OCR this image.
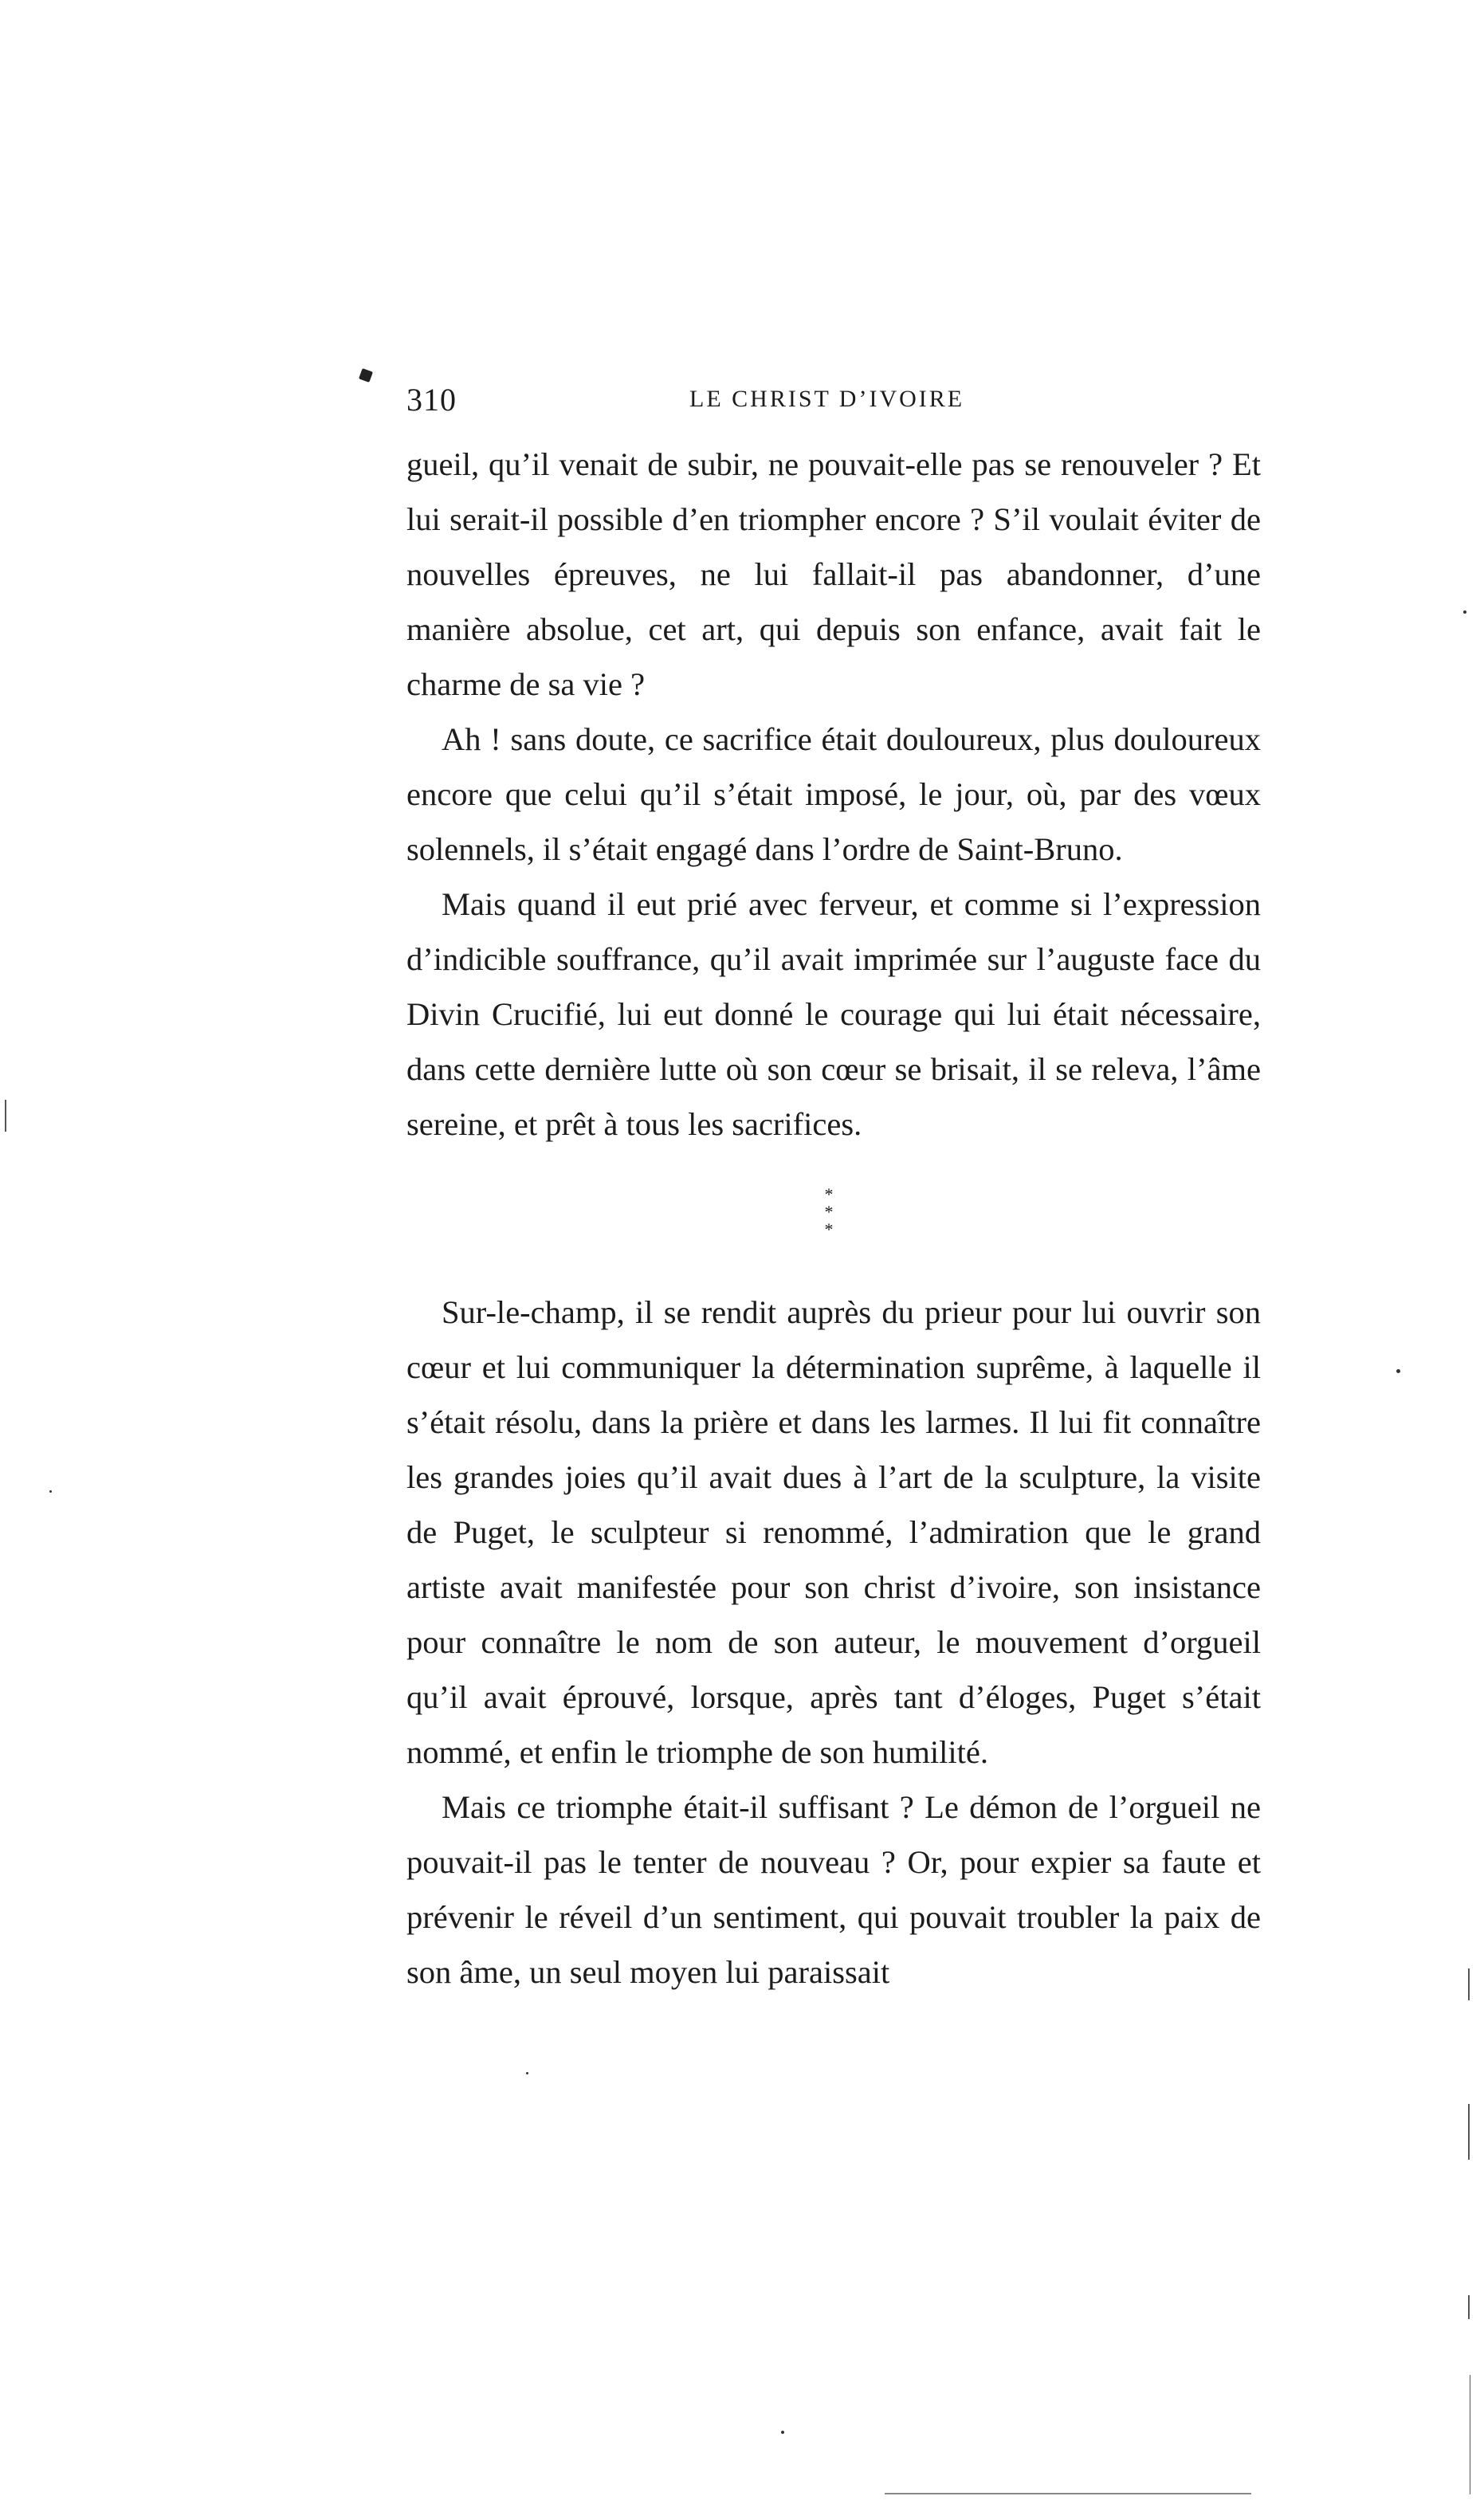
310	LE CHRIST D’IVOIRE

gueil, qu’il venait de subir, ne pouvait-elle pas se renouveler ? Et lui serait-il possible d’en triompher encore ? S’il voulait éviter de nouvelles épreuves, ne lui fallait-il pas abandonner, d’une manière absolue, cet art, qui depuis son enfance, avait fait le charme de sa vie ?

Ah ! sans doute, ce sacrifice était douloureux, plus douloureux encore que celui qu’il s’était imposé, le jour, où, par des vœux solennels, il s’était engagé dans l’ordre de Saint-Bruno.

Mais quand il eut prié avec ferveur, et comme si l’expression d’indicible souffrance, qu’il avait imprimée sur l’auguste face du Divin Crucifié, lui eut donné le courage qui lui était nécessaire, dans cette dernière lutte où son cœur se brisait, il se releva, l’âme sereine, et prêt à tous les sacrifices.

*
* *

Sur-le-champ, il se rendit auprès du prieur pour lui ouvrir son cœur et lui communiquer la détermination suprême, à laquelle il s’était résolu, dans la prière et dans les larmes. Il lui fit connaître les grandes joies qu’il avait dues à l’art de la sculpture, la visite de Puget, le sculpteur si renommé, l’admiration que le grand artiste avait manifestée pour son christ d’ivoire, son insistance pour connaître le nom de son auteur, le mouvement d’orgueil qu’il avait éprouvé, lorsque, après tant d’éloges, Puget s’était nommé, et enfin le triomphe de son humilité.

Mais ce triomphe était-il suffisant ? Le démon de l’orgueil ne pouvait-il pas le tenter de nouveau ? Or, pour expier sa faute et prévenir le réveil d’un sentiment, qui pouvait troubler la paix de son âme, un seul moyen lui paraissait
